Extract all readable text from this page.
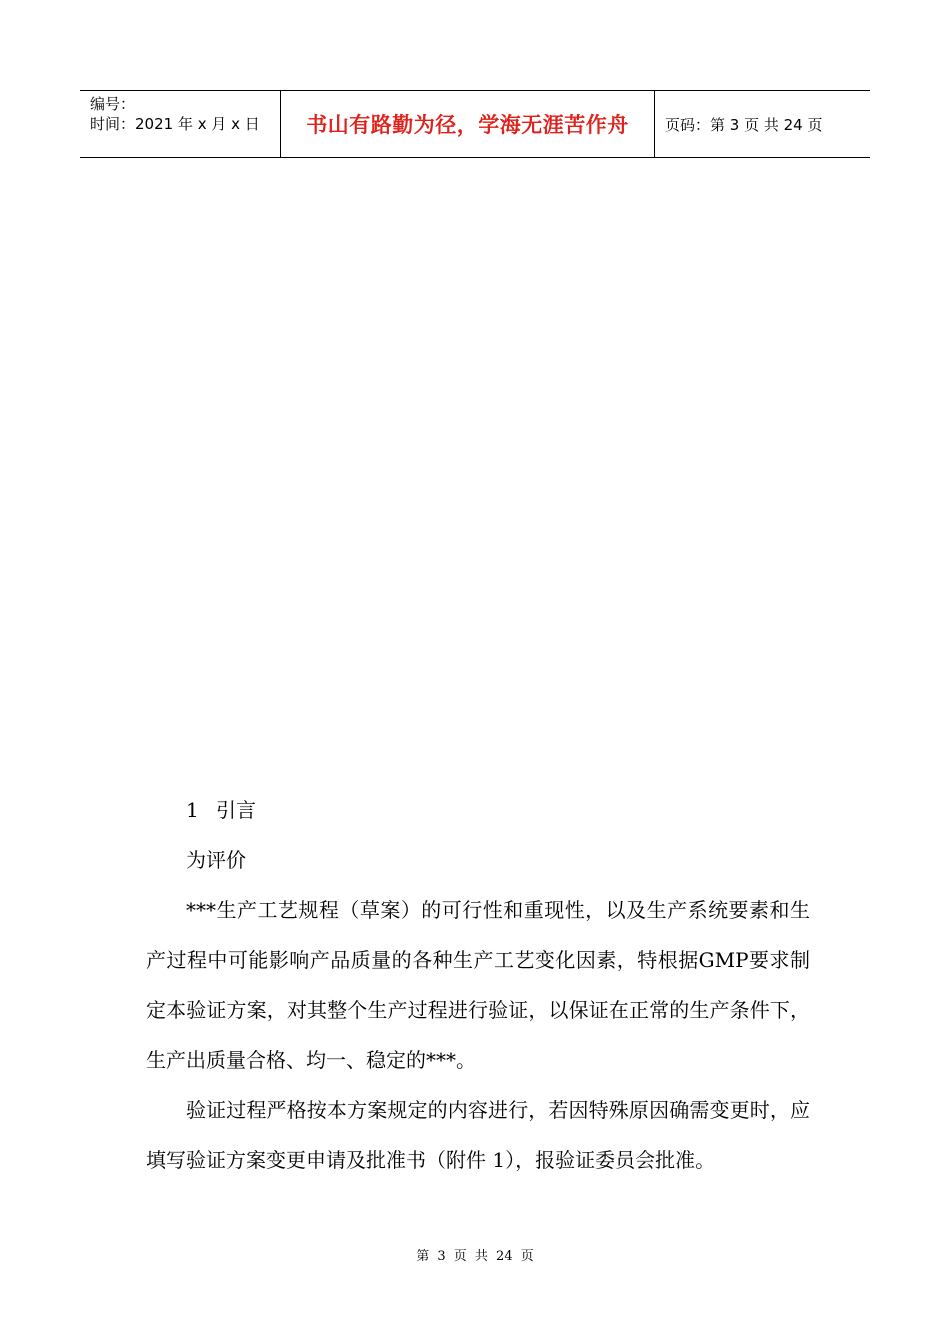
编号：
时间：2021 年 x 月 x 日	书山有路勤为径，学海无涯苦作舟	页码：第 3 页 共 24 页
1 引言

为评价

***生产工艺规程（草案）的可行性和重现性，以及生产系统要素和生产过程中可能影响产品质量的各种生产工艺变化因素，特根据GMP要求制定本验证方案，对其整个生产过程进行验证，以保证在正常的生产条件下，生产出质量合格、均一、稳定的***。

验证过程严格按本方案规定的内容进行，若因特殊原因确需变更时，应填写验证方案变更申请及批准书（附件 1），报验证委员会批准。

第 3 页 共 24 页
